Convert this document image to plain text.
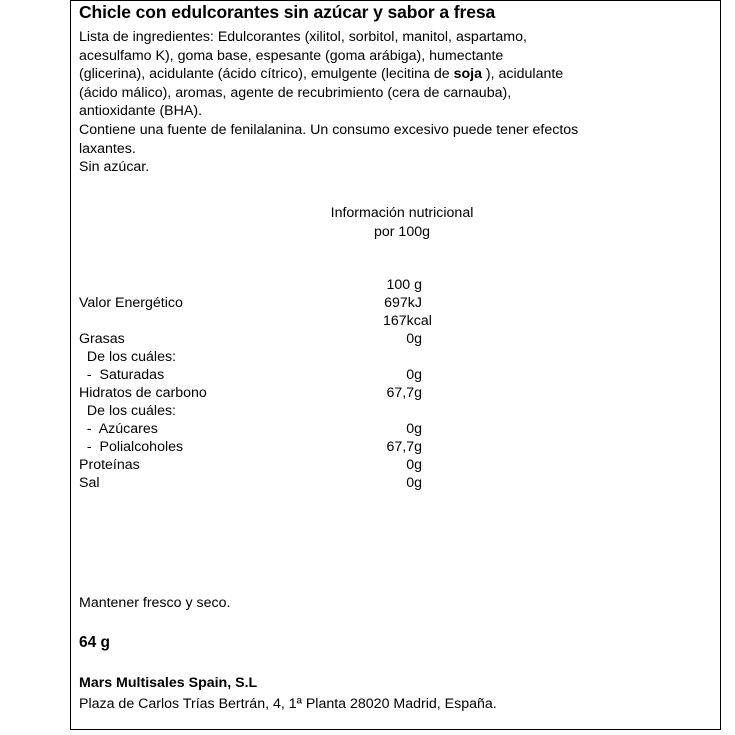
Chicle con edulcorantes sin azúcar y sabor a fresa
Lista de ingredientes: Edulcorantes (xilitol, sorbitol, manitol, aspartamo,
acesulfamo K), goma base, espesante (goma arábiga), humectante
(glicerina), acidulante (ácido cítrico), emulgente (lecitina de soja ), acidulante
(ácido málico), aromas, agente de recubrimiento (cera de carnauba),
antioxidante (BHA).
Contiene una fuente de fenilalanina. Un consumo excesivo puede tener efectos
laxantes.
Sin azúcar.
Información nutricional
por 100g
100 g
Valor Energético	697kJ
167kcal
Grasas	0g
De los cuáles:
-  Saturadas	0g
Hidratos de carbono	67,7g
De los cuáles:
-  Azúcares	0g
-  Polialcoholes	67,7g
Proteínas	0g
Sal	0g
Mantener fresco y seco.
64 g
Mars Multisales Spain, S.L
Plaza de Carlos Trías Bertrán, 4, 1ª Planta 28020 Madrid, España.
